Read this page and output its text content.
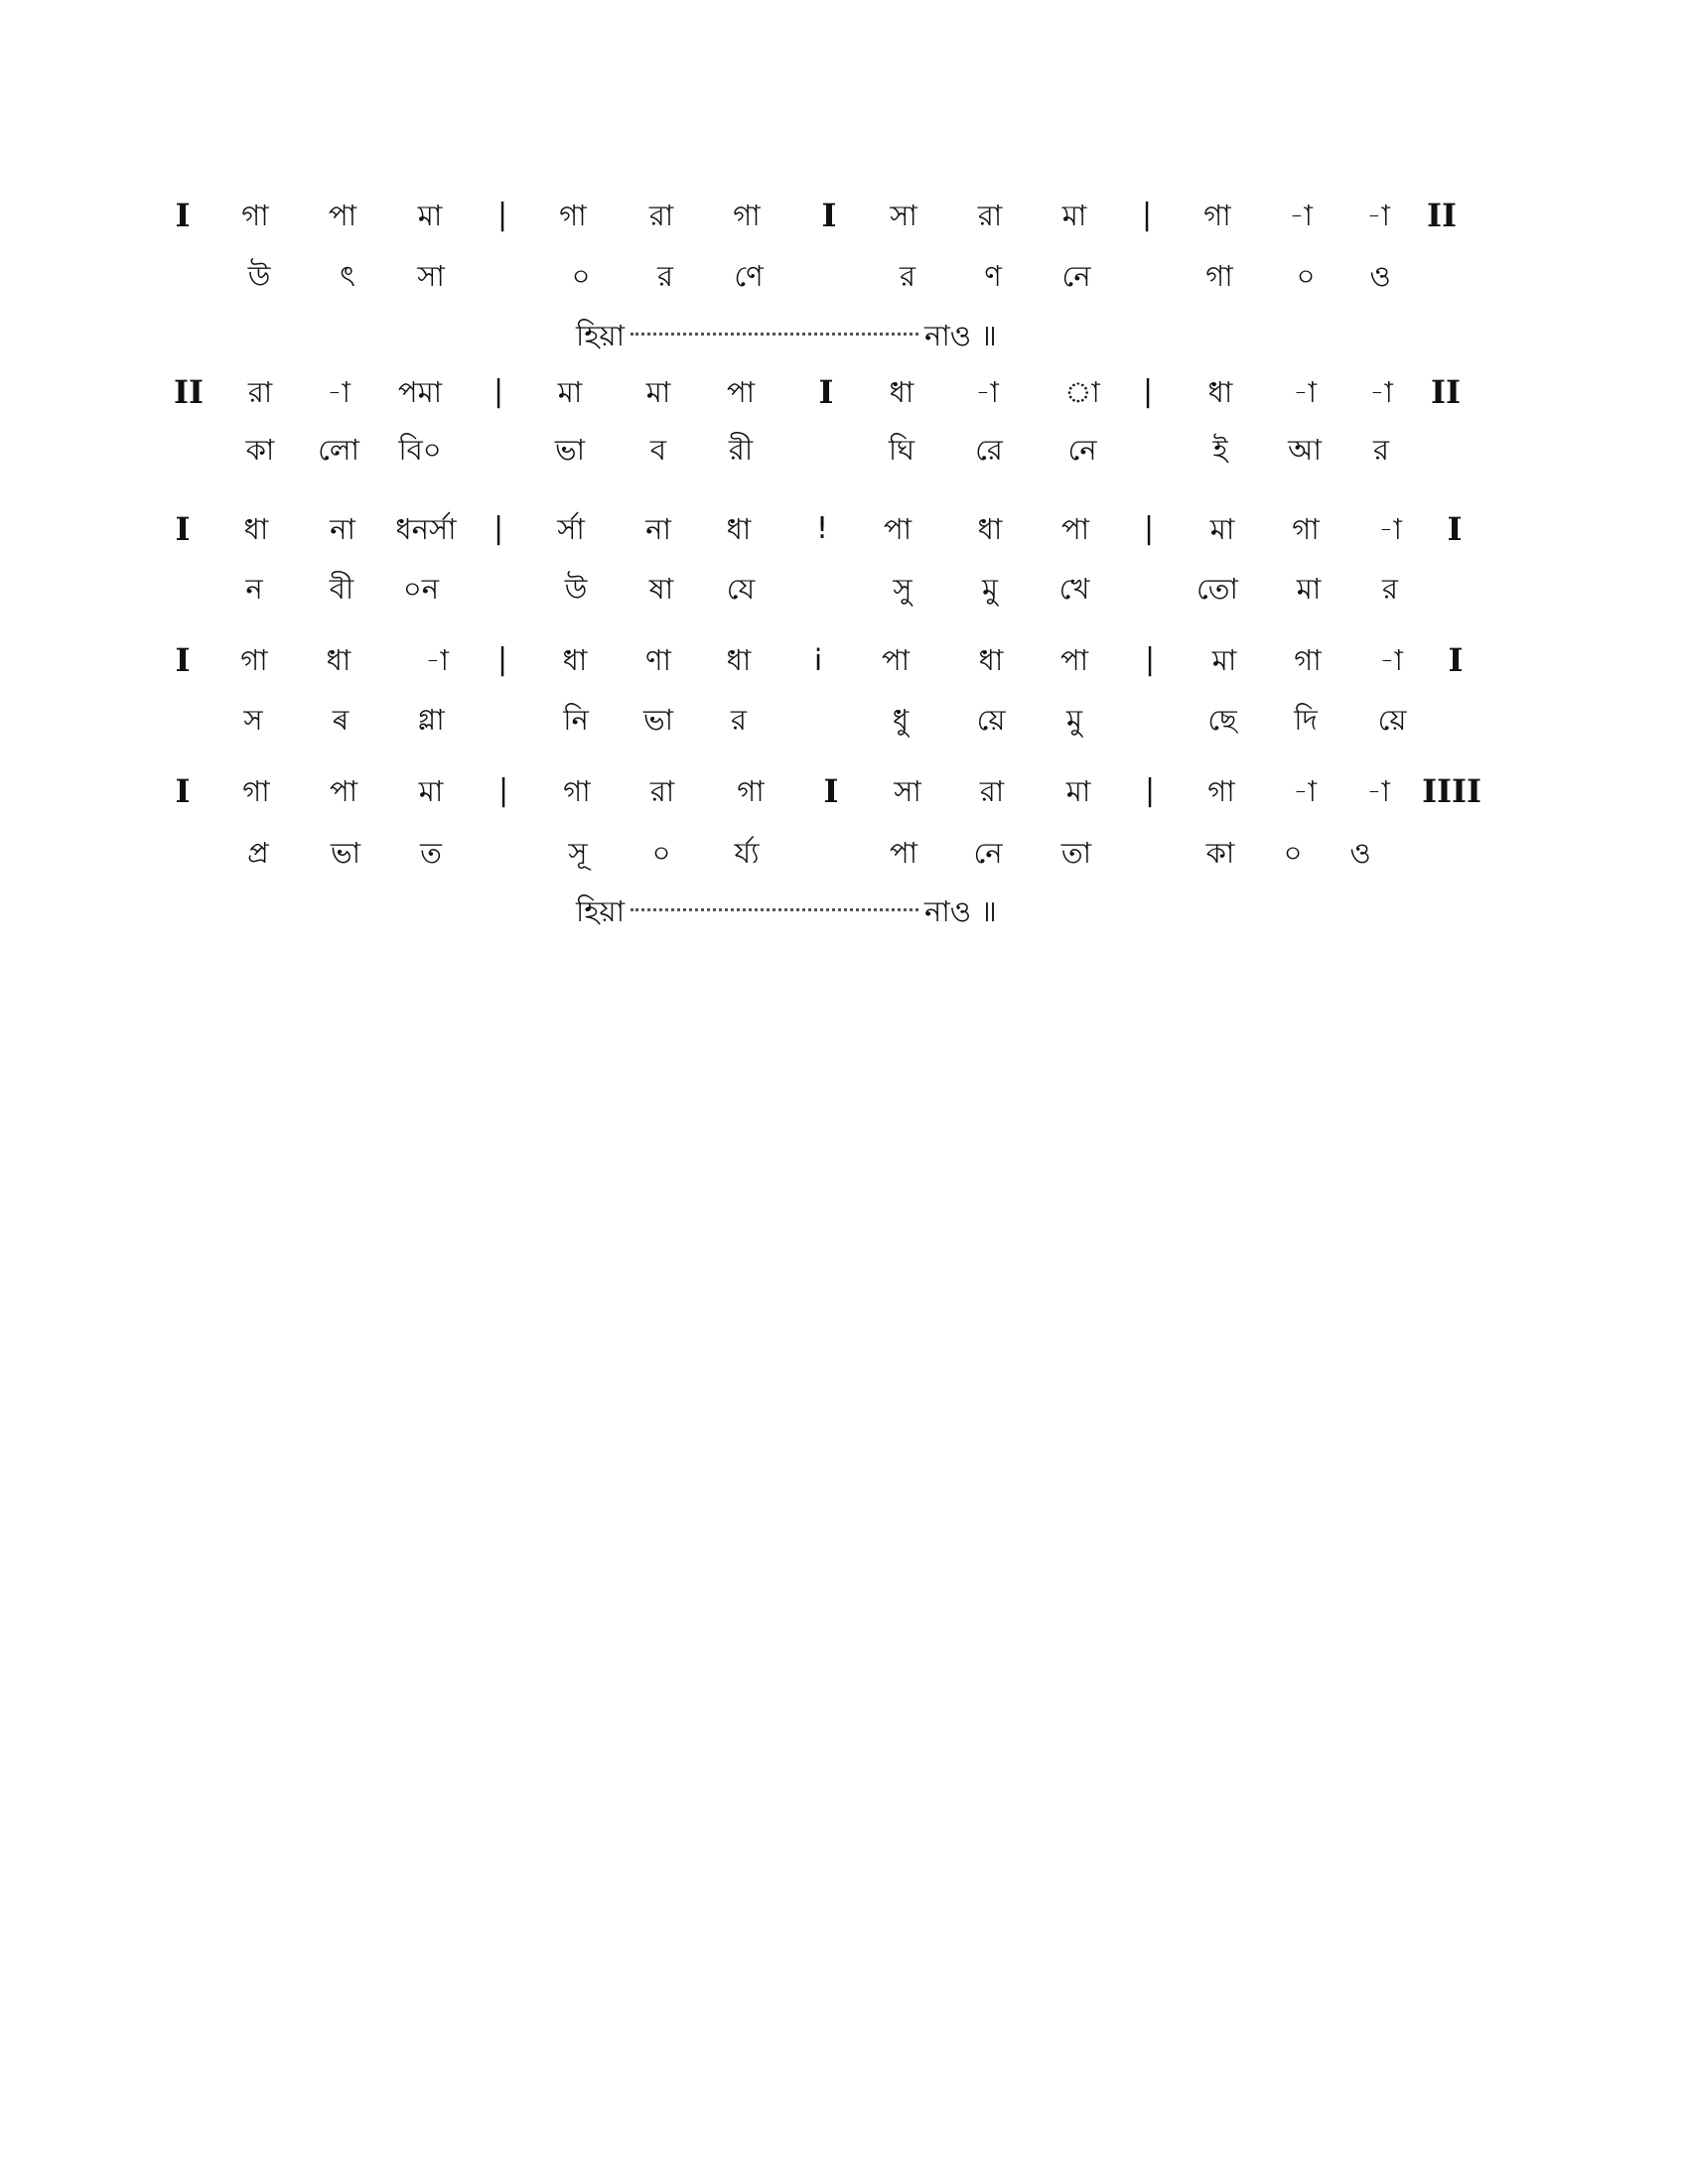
I গা পা মা | গা রা গা I সা রা মা | গা -া -া II
উ ৎ সা	০ র ণে	র ণ নে	গা ০ ও
হিয়া	নাও ॥
II রা -া পমা | মা মা পা I ধা -া া | ধা -া -া II
কা লো বি০	ভা ব রী	ঘি রে নে	ই আ র
I ধা না ধনর্সা | র্সা না ধা ! পা ধা পা | মা গা -া I
ন বী ০ন	উ ষা যে	সু মু খে	তো মা র
I গা ধা	-া | ধা ণা ধা i পা ধা পা | মা গা -া I
স ৰ গ্লা	নি ভা র	ধু য়ে মু	ছে দি য়ে
I গা পা মা | গা রা গা I সা রা মা | গা -া -া IIII
প্র ভা ত	সূ ০ র্য্য	পা নে তা	কা ০ ও
হিয়া	নাও ॥
